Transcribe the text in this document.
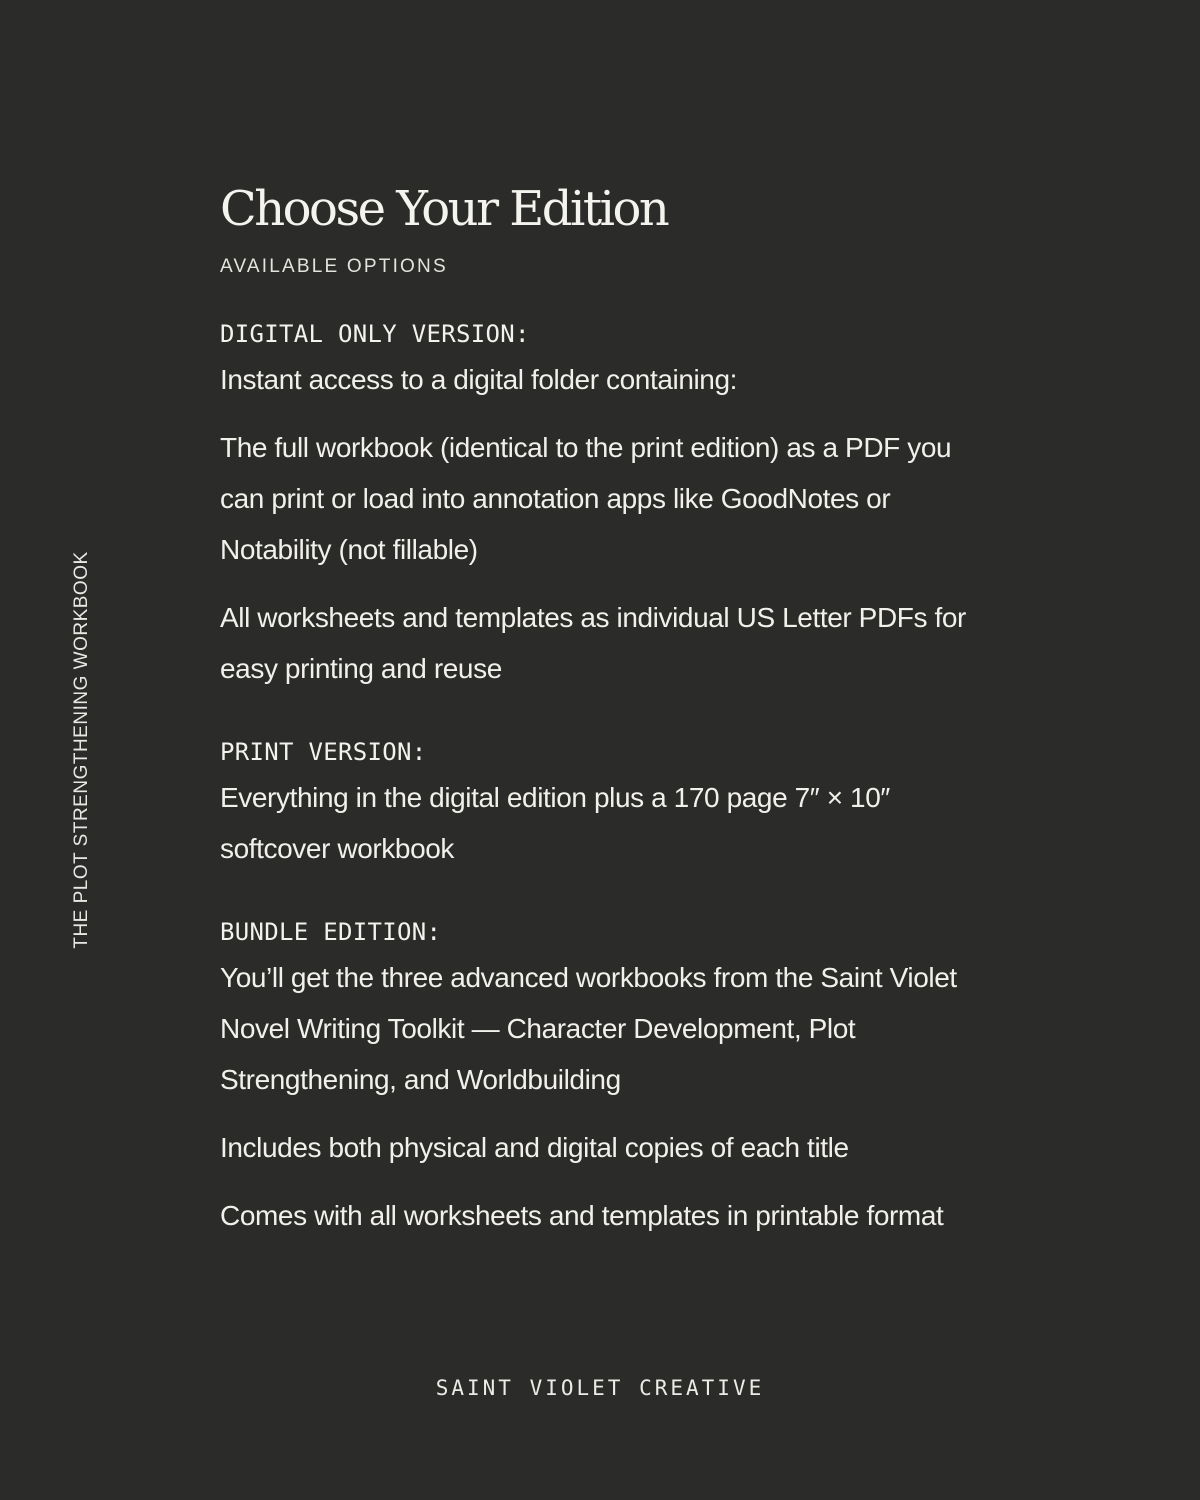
THE PLOT STRENGTHENING WORKBOOK
Choose Your Edition
AVAILABLE OPTIONS
DIGITAL ONLY VERSION:

Instant access to a digital folder containing:

The full workbook (identical to the print edition) as a PDF you can print or load into annotation apps like GoodNotes or Notability (not fillable)

All worksheets and templates as individual US Letter PDFs for easy printing and reuse

PRINT VERSION:

Everything in the digital edition plus a 170 page 7″ × 10″ softcover workbook

BUNDLE EDITION:

You’ll get the three advanced workbooks from the Saint Violet Novel Writing Toolkit — Character Development, Plot Strengthening, and Worldbuilding

Includes both physical and digital copies of each title

Comes with all worksheets and templates in printable format

SAINT VIOLET CREATIVE
